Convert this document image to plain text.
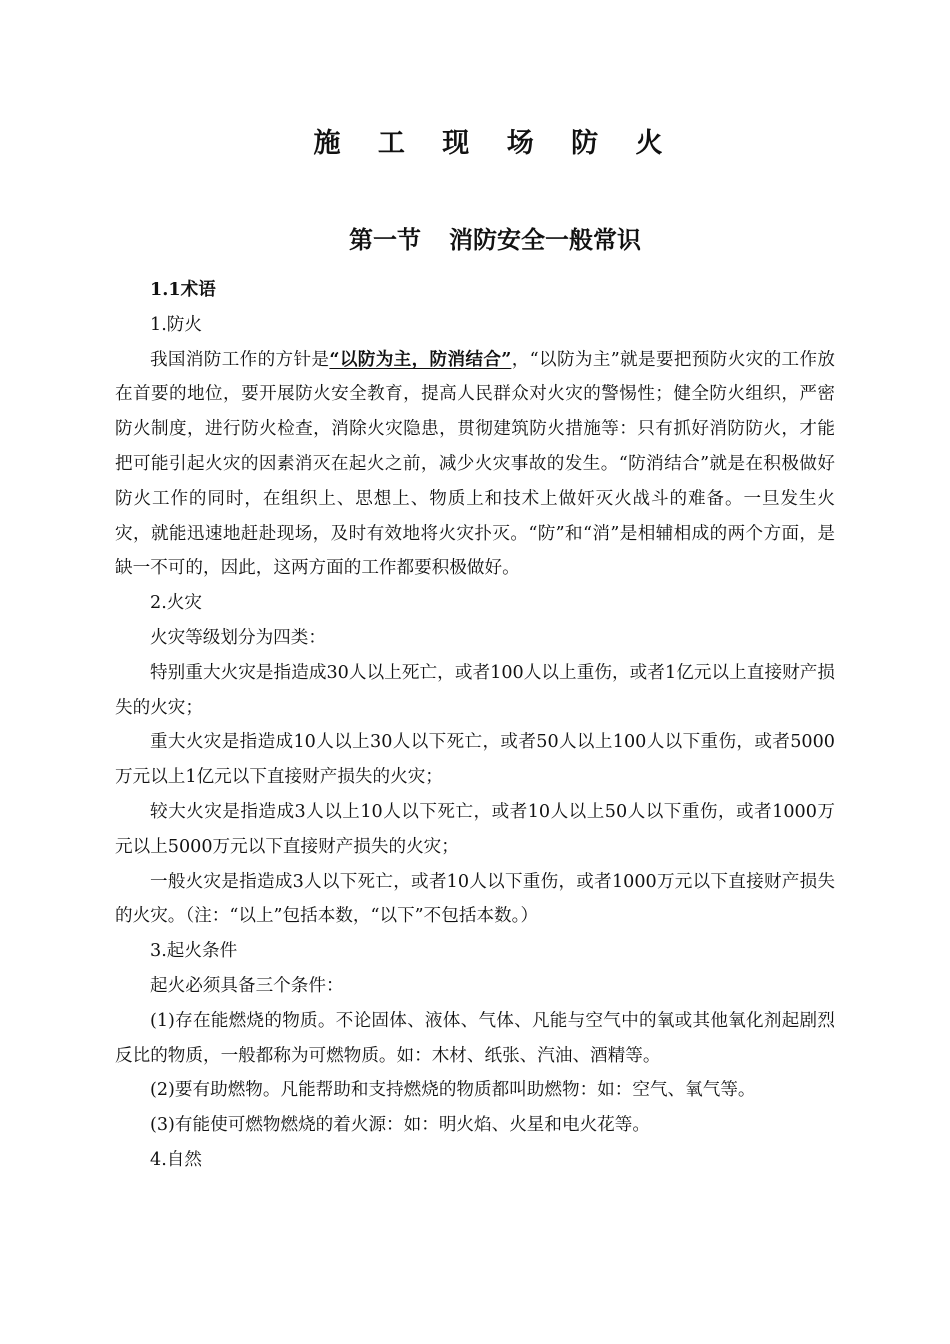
施 工 现 场 防 火
第一节 消防安全一般常识

1.1术语

1.防火

我国消防工作的方针是“以防为主，防消结合”，“以防为主”就是要把预防火灾的工作放在首要的地位，要开展防火安全教育，提高人民群众对火灾的警惕性；健全防火组织，严密防火制度，进行防火检查，消除火灾隐患，贯彻建筑防火措施等：只有抓好消防防火，才能把可能引起火灾的因素消灭在起火之前，减少火灾事故的发生。“防消结合”就是在积极做好防火工作的同时，在组织上、思想上、物质上和技术上做奸灭火战斗的难备。一旦发生火灾，就能迅速地赶赴现场，及时有效地将火灾扑灭。“防”和“消”是相辅相成的两个方面，是缺一不可的，因此，这两方面的工作都要积极做好。

2.火灾

火灾等级划分为四类：

特别重大火灾是指造成30人以上死亡，或者100人以上重伤，或者1亿元以上直接财产损失的火灾；

重大火灾是指造成10人以上30人以下死亡，或者50人以上100人以下重伤，或者5000万元以上1亿元以下直接财产损失的火灾；

较大火灾是指造成3人以上10人以下死亡，或者10人以上50人以下重伤，或者1000万元以上5000万元以下直接财产损失的火灾；

一般火灾是指造成3人以下死亡，或者10人以下重伤，或者1000万元以下直接财产损失的火灾。（注：“以上”包括本数，“以下”不包括本数。）

3.起火条件

起火必须具备三个条件：

(1)存在能燃烧的物质。不论固体、液体、气体、凡能与空气中的氧或其他氧化剂起剧烈反比的物质，一般都称为可燃物质。如：木材、纸张、汽油、酒精等。

(2)要有助燃物。凡能帮助和支持燃烧的物质都叫助燃物：如：空气、氧气等。

(3)有能使可燃物燃烧的着火源：如：明火焰、火星和电火花等。

4.自然
